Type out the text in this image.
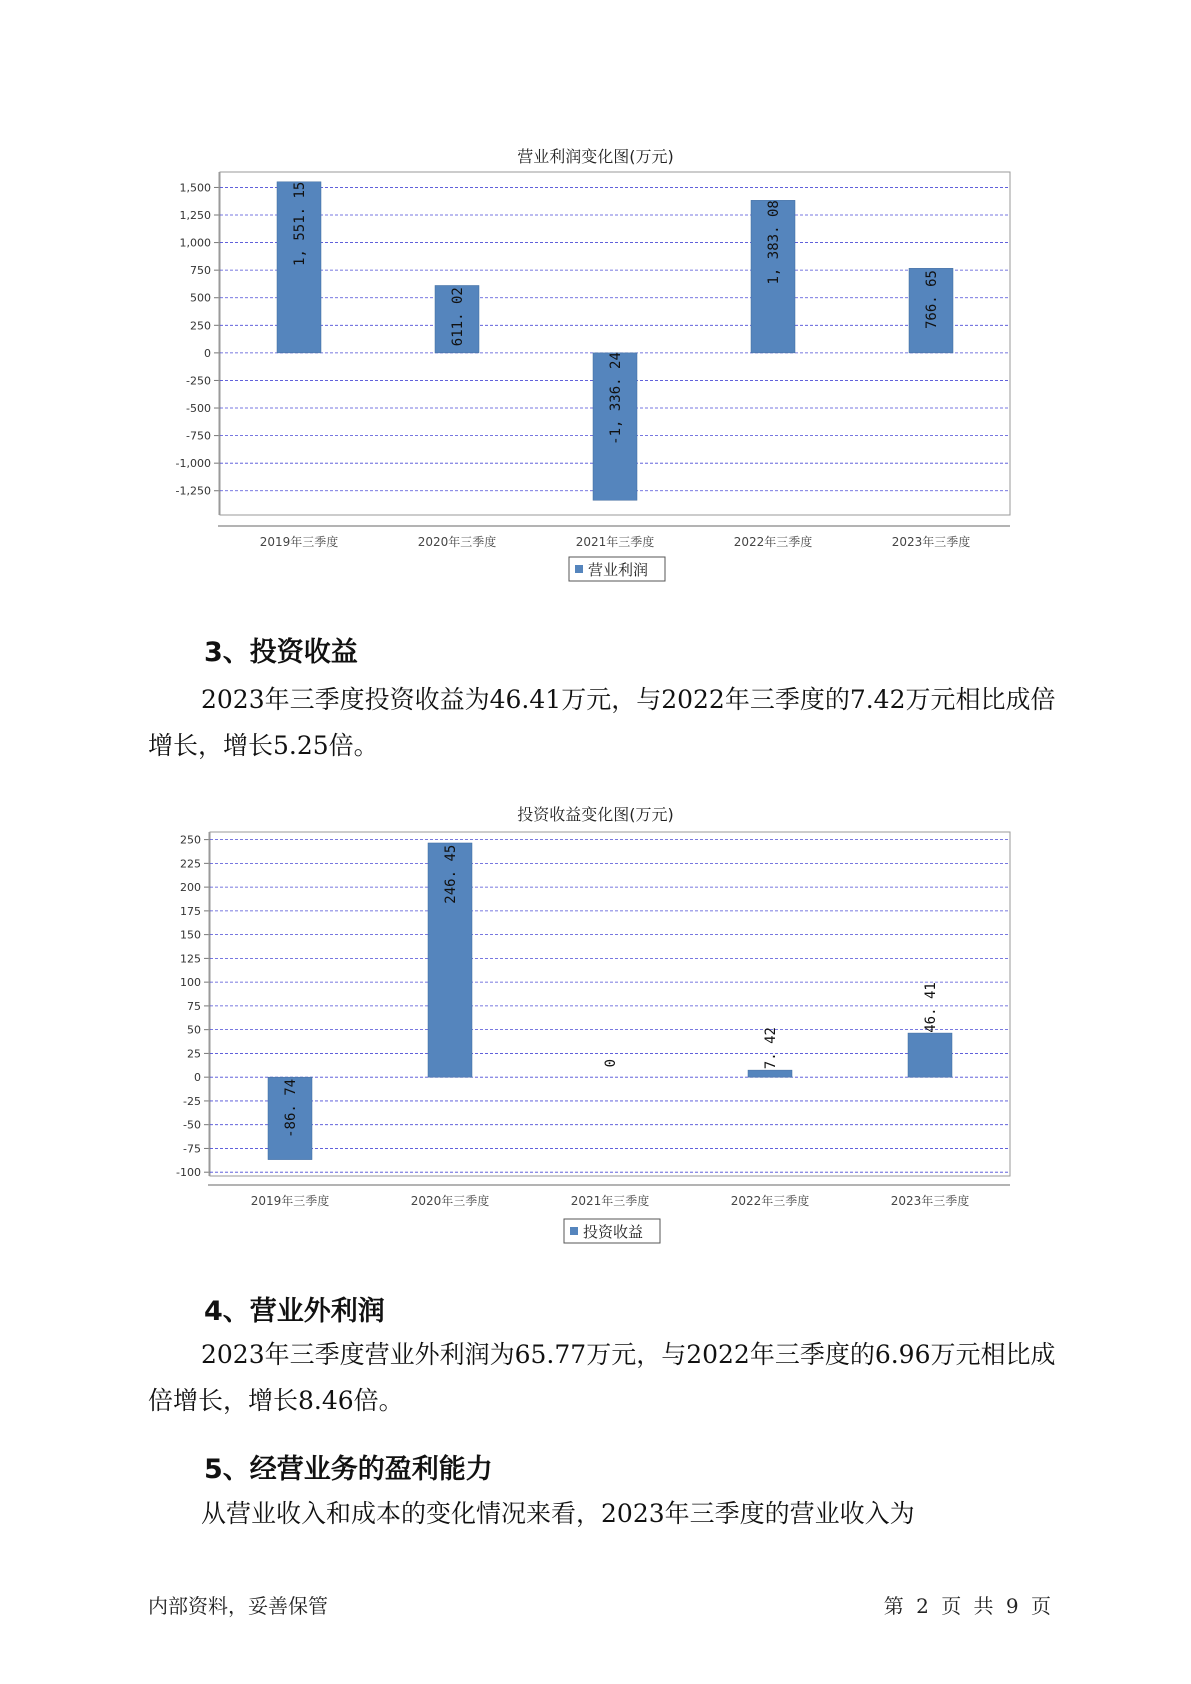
营业利润变化图(万元)
1,500
1,250
1,000
750
500
250
0
-250
-500
-750
-1,000
-1,250
2019年三季度
1, 551. 15
2020年三季度
611. 02
2021年三季度
-1, 336. 24
2022年三季度
1, 383. 08
2023年三季度
766. 65
营业利润
3、投资收益

2023年三季度投资收益为46.41万元，与2022年三季度的7.42万元相比成倍增长，增长5.25倍。

投资收益变化图(万元)
250
225
200
175
150
125
100
75
50
25
0
-25
-50
-75
-100
2019年三季度
-86. 74
2020年三季度
246. 45
2021年三季度
0
2022年三季度
7. 42
2023年三季度
46. 41
投资收益
4、营业外利润

2023年三季度营业外利润为65.77万元，与2022年三季度的6.96万元相比成倍增长，增长8.46倍。

5、经营业务的盈利能力

从营业收入和成本的变化情况来看，2023年三季度的营业收入为

内部资料，妥善保管	第 2 页 共 9 页
